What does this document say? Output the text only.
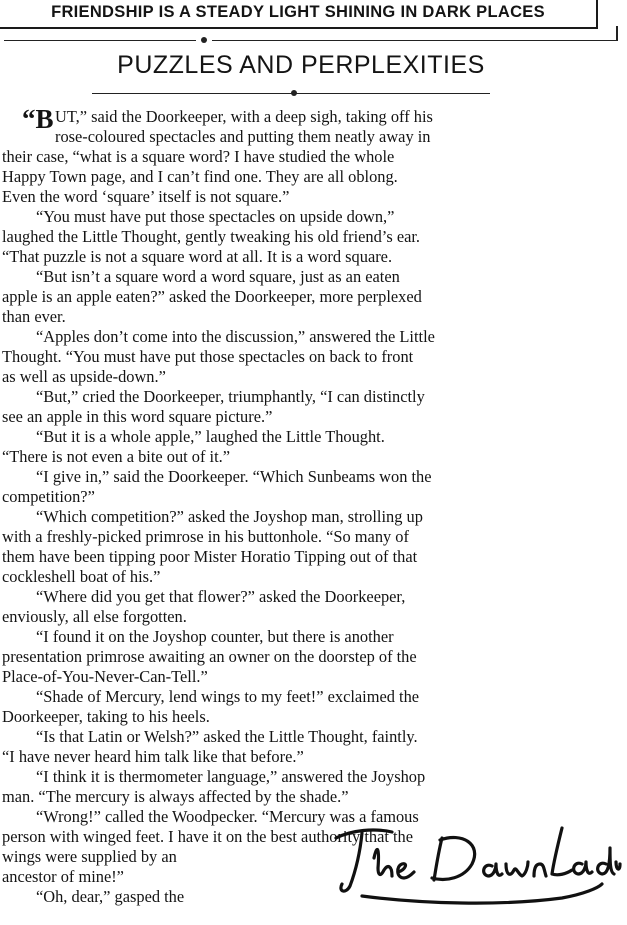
FRIENDSHIP IS A STEADY LIGHT SHINING IN DARK PLACES
PUZZLES AND PERPLEXITIES
“B UT,” said the Doorkeeper, with a deep sigh, taking off his
rose-coloured spectacles and putting them neatly away in
their case, “what is a square word? I have studied the whole
Happy Town page, and I can’t find one. They are all oblong.
Even the word ‘square’ itself is not square.”
“You must have put those spectacles on upside down,”
laughed the Little Thought, gently tweaking his old friend’s ear.
“That puzzle is not a square word at all. It is a word square.
“But isn’t a square word a word square, just as an eaten
apple is an apple eaten?” asked the Doorkeeper, more perplexed
than ever.
“Apples don’t come into the discussion,” answered the Little
Thought. “You must have put those spectacles on back to front
as well as upside-down.”
“But,” cried the Doorkeeper, triumphantly, “I can distinctly
see an apple in this word square picture.”
“But it is a whole apple,” laughed the Little Thought.
“There is not even a bite out of it.”
“I give in,” said the Doorkeeper. “Which Sunbeams won the
competition?”
“Which competition?” asked the Joyshop man, strolling up
with a freshly-picked primrose in his buttonhole. “So many of
them have been tipping poor Mister Horatio Tipping out of that
cockleshell boat of his.”
“Where did you get that flower?” asked the Doorkeeper,
enviously, all else forgotten.
“I found it on the Joyshop counter, but there is another
presentation primrose awaiting an owner on the doorstep of the
Place-of-You-Never-Can-Tell.”
“Shade of Mercury, lend wings to my feet!” exclaimed the
Doorkeeper, taking to his heels.
“Is that Latin or Welsh?” asked the Little Thought, faintly.
“I have never heard him talk like that before.”
“I think it is thermometer language,” answered the Joyshop
man. “The mercury is always affected by the shade.”
“Wrong!” called the Woodpecker. “Mercury was a famous
person with winged feet. I have it on the best authority that the
wings were supplied by an
ancestor of mine!”
“Oh, dear,” gasped the
